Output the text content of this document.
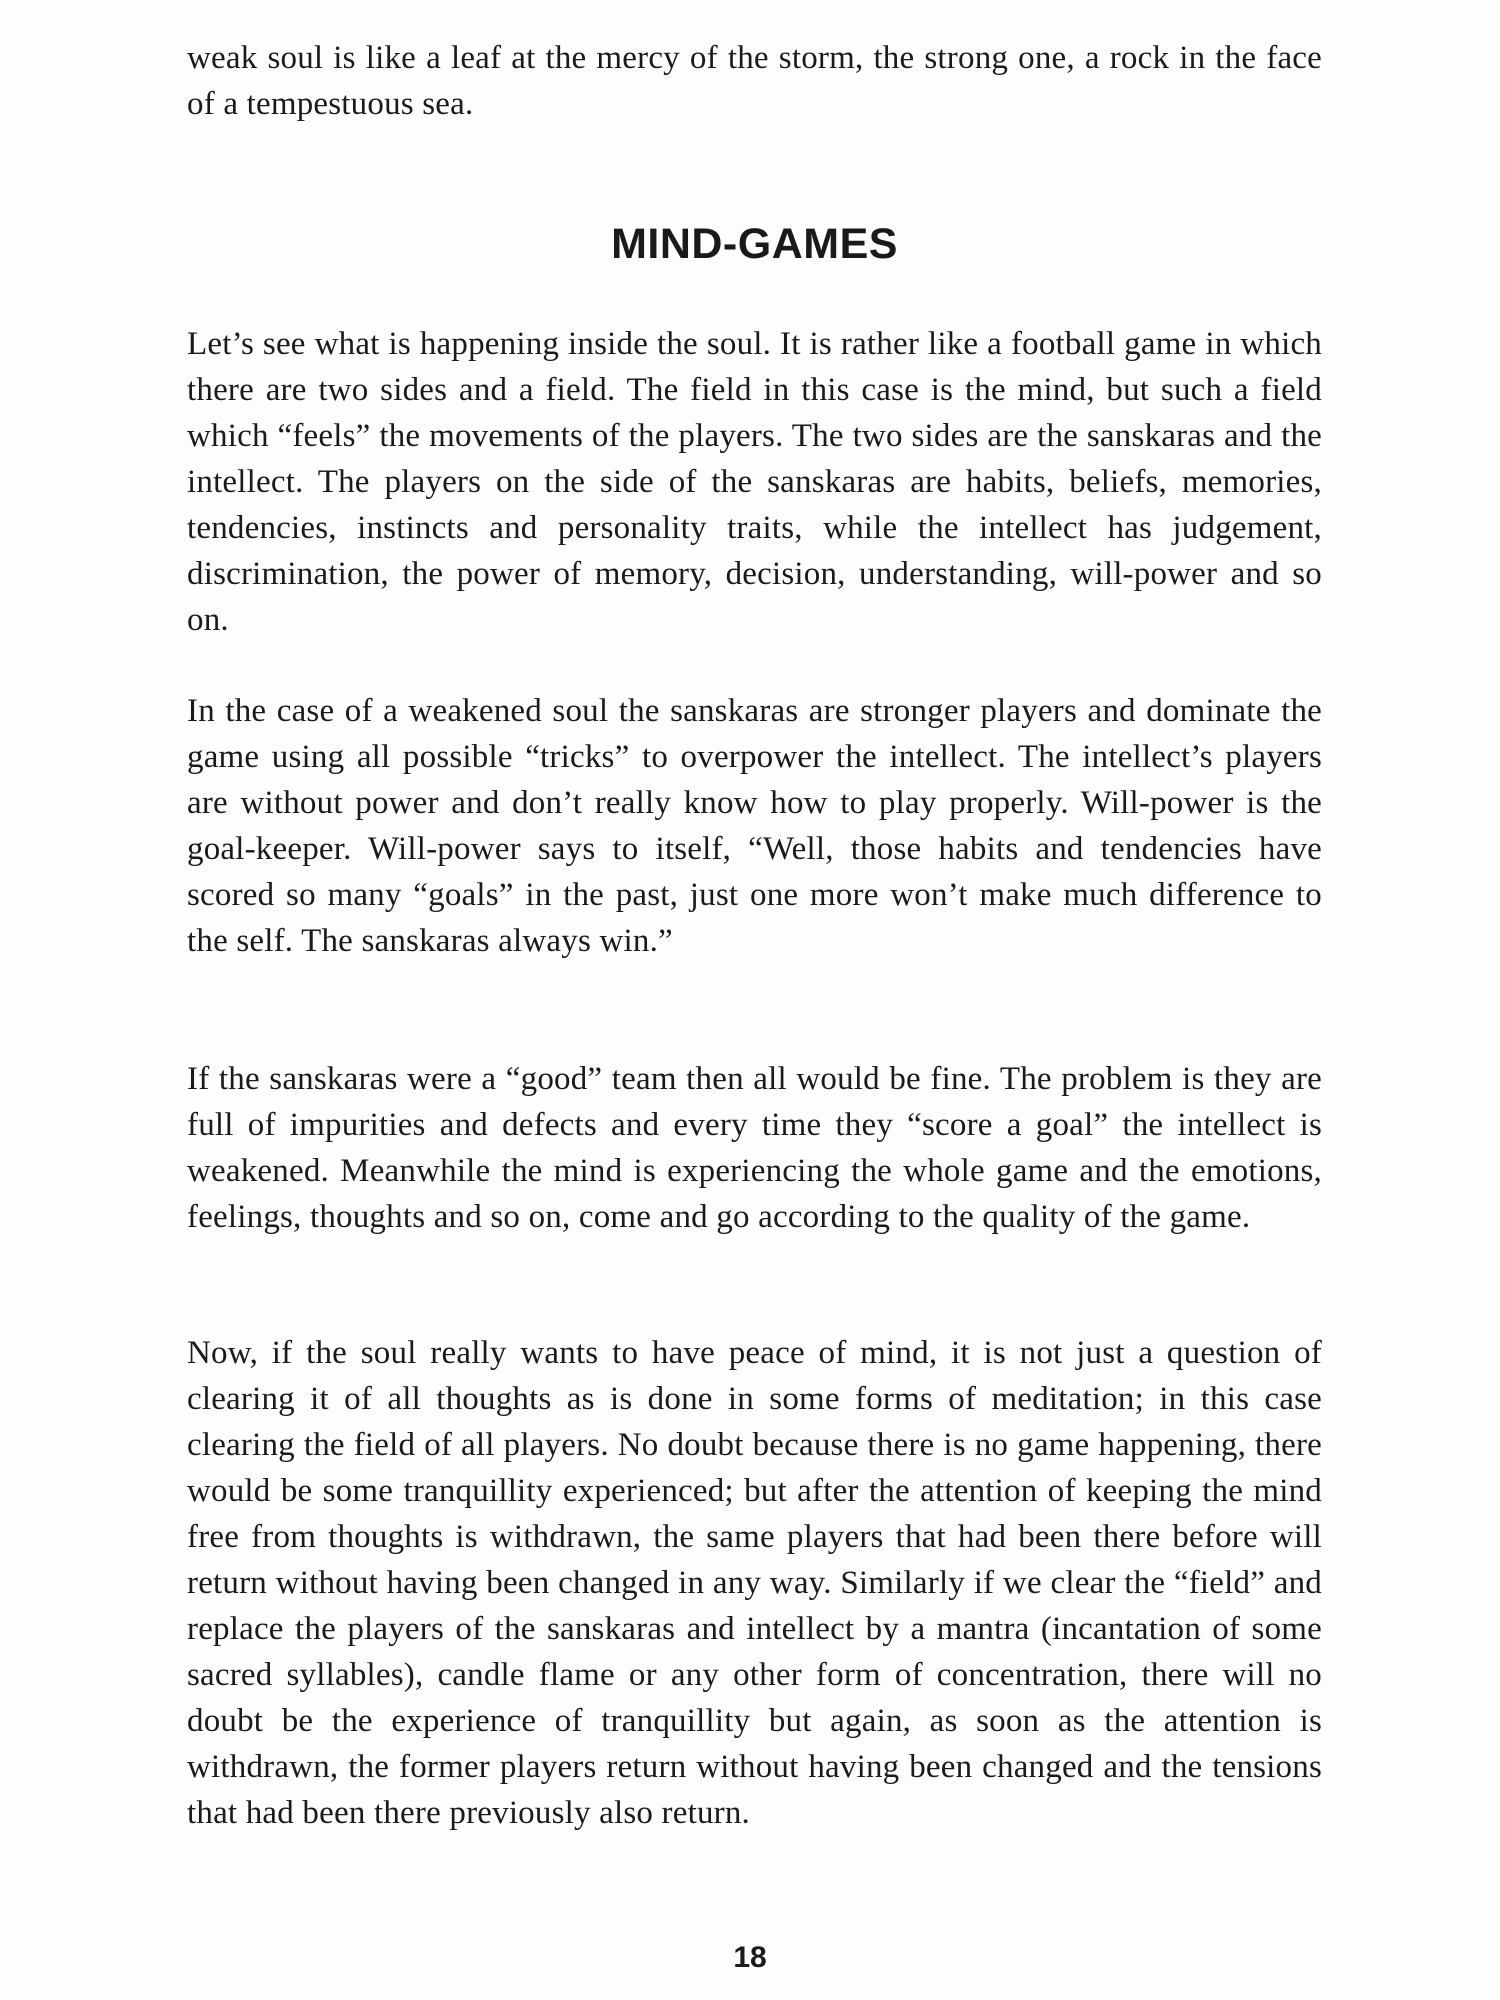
weak soul is like a leaf at the mercy of the storm, the strong one, a rock in the face of a tempestuous sea.

MIND-GAMES

Let’s see what is happening inside the soul. It is rather like a football game in which there are two sides and a field. The field in this case is the mind, but such a field which “feels” the movements of the players. The two sides are the sanskaras and the intellect. The players on the side of the sanskaras are habits, beliefs, memories, tendencies, instincts and personality traits, while the intellect has judgement, discrimination, the power of memory, decision, understanding, will-power and so on.

In the case of a weakened soul the sanskaras are stronger players and dominate the game using all possible “tricks” to overpower the intellect. The intellect’s players are without power and don’t really know how to play properly. Will-power is the goal-keeper. Will-power says to itself, “Well, those habits and tendencies have scored so many “goals” in the past, just one more won’t make much difference to the self. The sanskaras always win.”

If the sanskaras were a “good” team then all would be fine. The problem is they are full of impurities and defects and every time they “score a goal” the intellect is weakened. Meanwhile the mind is experiencing the whole game and the emotions, feelings, thoughts and so on, come and go according to the quality of the game.

Now, if the soul really wants to have peace of mind, it is not just a question of clearing it of all thoughts as is done in some forms of meditation; in this case clearing the field of all players. No doubt because there is no game happening, there would be some tranquillity experienced; but after the attention of keeping the mind free from thoughts is withdrawn, the same players that had been there before will return without having been changed in any way. Similarly if we clear the “field” and replace the players of the sanskaras and intellect by a mantra (incantation of some sacred syllables), candle flame or any other form of concentration, there will no doubt be the experience of tranquillity but again, as soon as the attention is withdrawn, the former players return without having been changed and the tensions that had been there previously also return.

18
